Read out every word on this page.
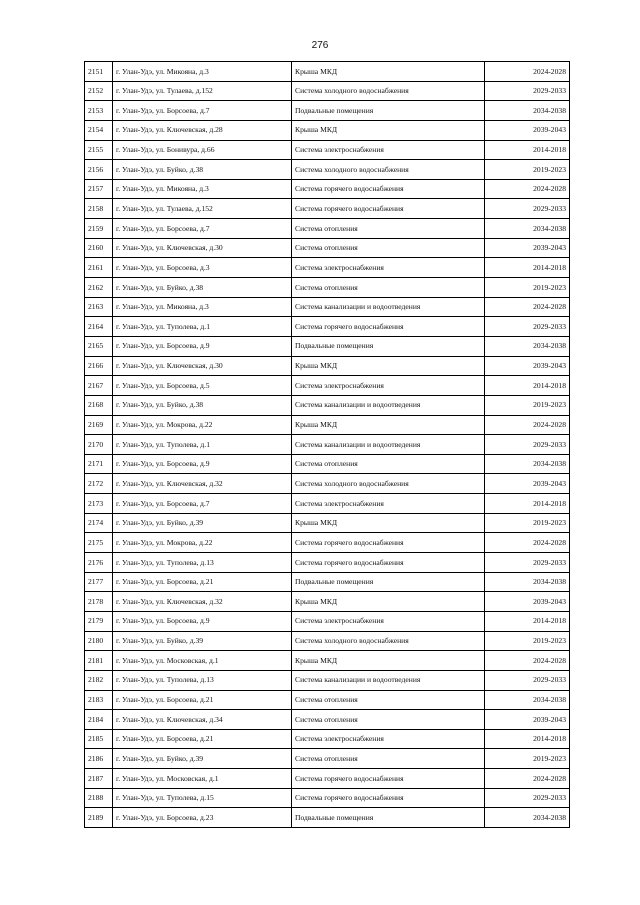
276
2151	г. Улан-Удэ, ул. Микояна, д.3	Крыша МКД	2024-2028
2152	г. Улан-Удэ, ул. Тулаева, д.152	Система холодного водоснабжения	2029-2033
2153	г. Улан-Удэ, ул. Борсоева, д.7	Подвальные помещения	2034-2038
2154	г. Улан-Удэ, ул. Ключевская, д.28	Крыша МКД	2039-2043
2155	г. Улан-Удэ, ул. Бонивура, д.66	Система электроснабжения	2014-2018
2156	г. Улан-Удэ, ул. Буйко, д.38	Система холодного водоснабжения	2019-2023
2157	г. Улан-Удэ, ул. Микояна, д.3	Система горячего водоснабжения	2024-2028
2158	г. Улан-Удэ, ул. Тулаева, д.152	Система горячего водоснабжения	2029-2033
2159	г. Улан-Удэ, ул. Борсоева, д.7	Система отопления	2034-2038
2160	г. Улан-Удэ, ул. Ключевская, д.30	Система отопления	2039-2043
2161	г. Улан-Удэ, ул. Борсоева, д.3	Система электроснабжения	2014-2018
2162	г. Улан-Удэ, ул. Буйко, д.38	Система отопления	2019-2023
2163	г. Улан-Удэ, ул. Микояна, д.3	Система канализации и водоотведения	2024-2028
2164	г. Улан-Удэ, ул. Туполева, д.1	Система горячего водоснабжения	2029-2033
2165	г. Улан-Удэ, ул. Борсоева, д.9	Подвальные помещения	2034-2038
2166	г. Улан-Удэ, ул. Ключевская, д.30	Крыша МКД	2039-2043
2167	г. Улан-Удэ, ул. Борсоева, д.5	Система электроснабжения	2014-2018
2168	г. Улан-Удэ, ул. Буйко, д.38	Система канализации и водоотведения	2019-2023
2169	г. Улан-Удэ, ул. Мокрова, д.22	Крыша МКД	2024-2028
2170	г. Улан-Удэ, ул. Туполева, д.1	Система канализации и водоотведения	2029-2033
2171	г. Улан-Удэ, ул. Борсоева, д.9	Система отопления	2034-2038
2172	г. Улан-Удэ, ул. Ключевская, д.32	Система холодного водоснабжения	2039-2043
2173	г. Улан-Удэ, ул. Борсоева, д.7	Система электроснабжения	2014-2018
2174	г. Улан-Удэ, ул. Буйко, д.39	Крыша МКД	2019-2023
2175	г. Улан-Удэ, ул. Мокрова, д.22	Система горячего водоснабжения	2024-2028
2176	г. Улан-Удэ, ул. Туполева, д.13	Система горячего водоснабжения	2029-2033
2177	г. Улан-Удэ, ул. Борсоева, д.21	Подвальные помещения	2034-2038
2178	г. Улан-Удэ, ул. Ключевская, д.32	Крыша МКД	2039-2043
2179	г. Улан-Удэ, ул. Борсоева, д.9	Система электроснабжения	2014-2018
2180	г. Улан-Удэ, ул. Буйко, д.39	Система холодного водоснабжения	2019-2023
2181	г. Улан-Удэ, ул. Московская, д.1	Крыша МКД	2024-2028
2182	г. Улан-Удэ, ул. Туполева, д.13	Система канализации и водоотведения	2029-2033
2183	г. Улан-Удэ, ул. Борсоева, д.21	Система отопления	2034-2038
2184	г. Улан-Удэ, ул. Ключевская, д.34	Система отопления	2039-2043
2185	г. Улан-Удэ, ул. Борсоева, д.21	Система электроснабжения	2014-2018
2186	г. Улан-Удэ, ул. Буйко, д.39	Система отопления	2019-2023
2187	г. Улан-Удэ, ул. Московская, д.1	Система горячего водоснабжения	2024-2028
2188	г. Улан-Удэ, ул. Туполева, д.15	Система горячего водоснабжения	2029-2033
2189	г. Улан-Удэ, ул. Борсоева, д.23	Подвальные помещения	2034-2038
